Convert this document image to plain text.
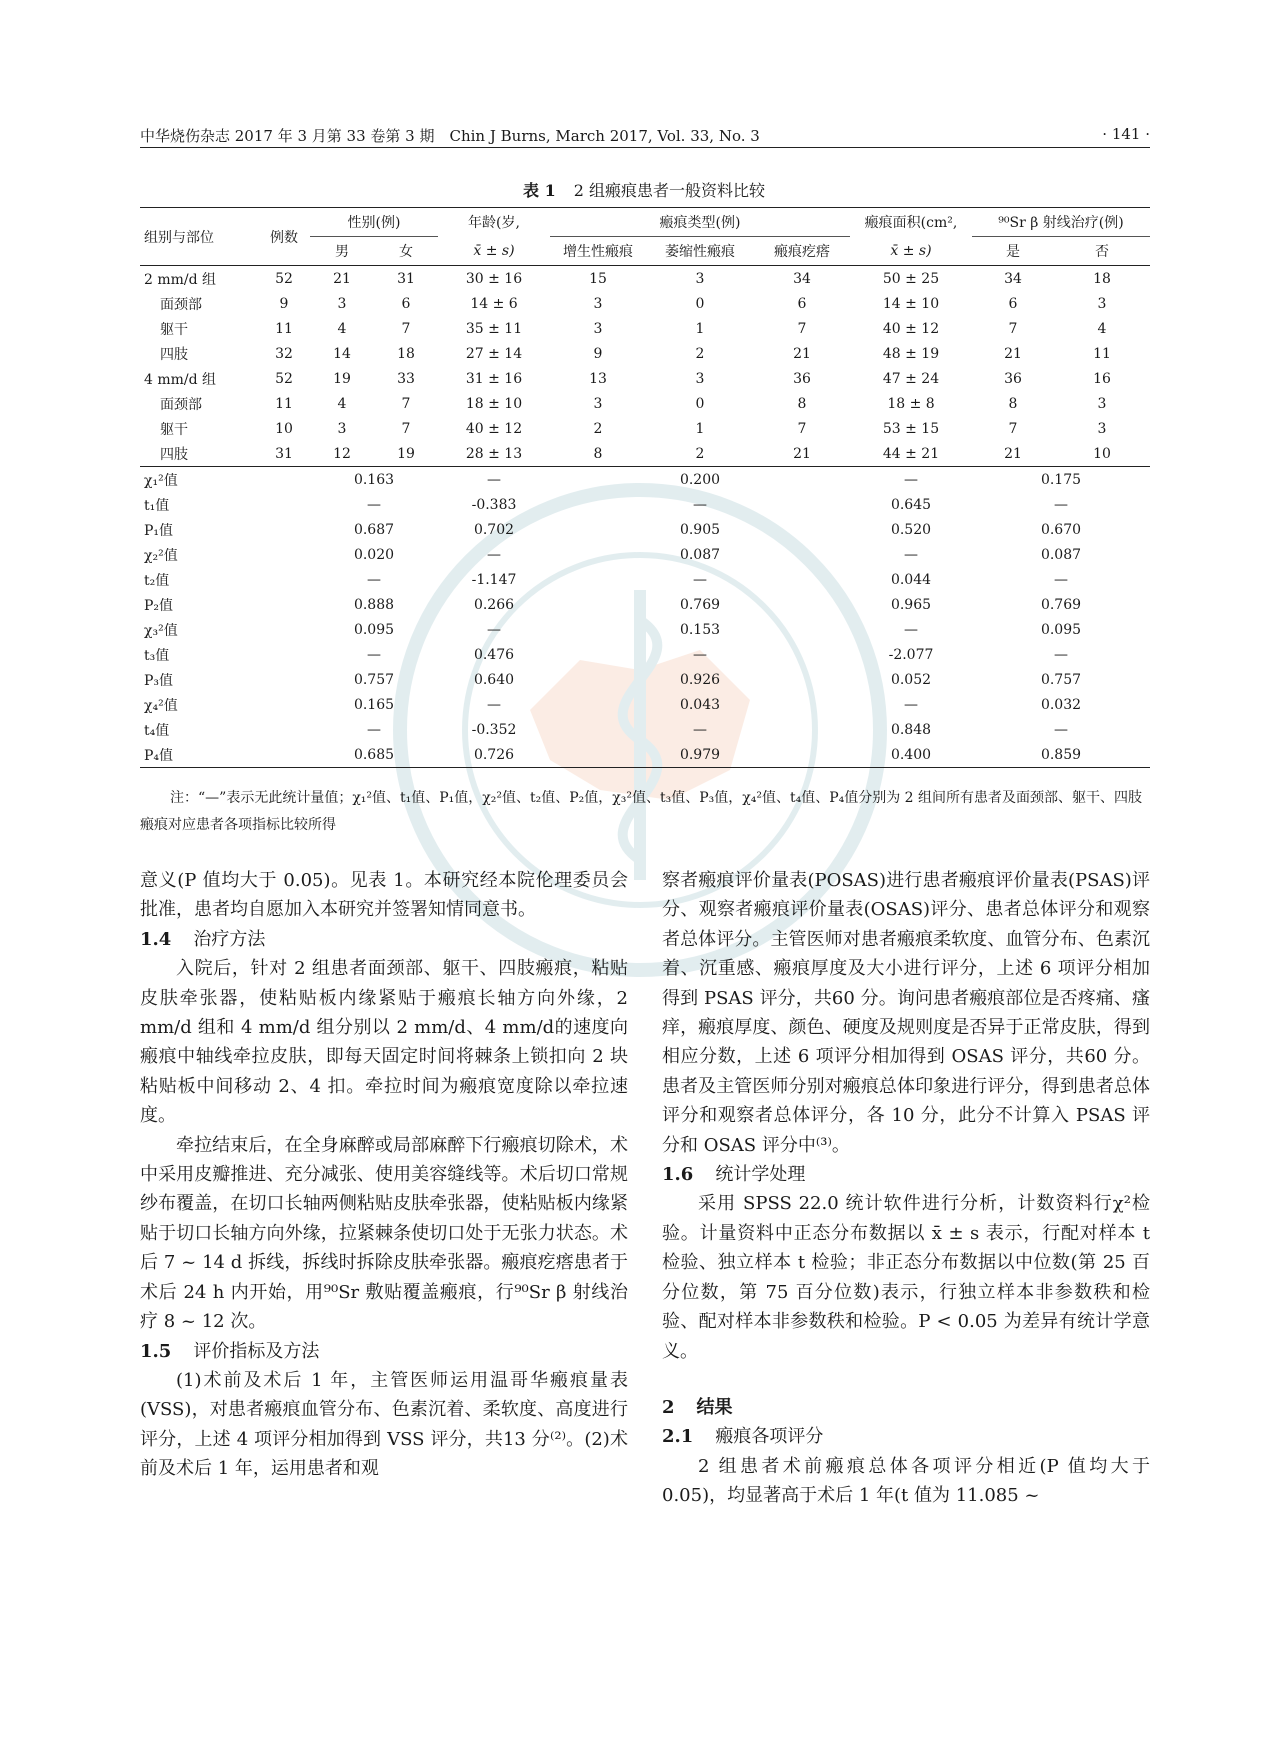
中华烧伤杂志 2017 年 3 月第 33 卷第 3 期　Chin J Burns, March 2017, Vol. 33, No. 3	· 141 ·
表 1 2 组瘢痕患者一般资料比较
组别与部位	例数	性别(例)		年龄(岁,	瘢痕类型(例)			瘢痕面积(cm²,	⁹⁰Sr β 射线治疗(例)	
		男	女	x̄ ± s)	增生性瘢痕	萎缩性瘢痕	瘢痕疙瘩	x̄ ± s)	是	否
2 mm/d 组	52	21	31	30 ± 16	15	3	34	50 ± 25	34	18
面颈部	9	3	6	14 ± 6	3	0	6	14 ± 10	6	3
躯干	11	4	7	35 ± 11	3	1	7	40 ± 12	7	4
四肢	32	14	18	27 ± 14	9	2	21	48 ± 19	21	11
4 mm/d 组	52	19	33	31 ± 16	13	3	36	47 ± 24	36	16
面颈部	11	4	7	18 ± 10	3	0	8	18 ± 8	8	3
躯干	10	3	7	40 ± 12	2	1	7	53 ± 15	7	3
四肢	31	12	19	28 ± 13	8	2	21	44 ± 21	21	10
χ₁²值		0.163		—	0.200			—	0.175	
t₁值		—		-0.383	—			0.645	—	
P₁值		0.687		0.702	0.905			0.520	0.670	
χ₂²值		0.020		—	0.087			—	0.087	
t₂值		—		-1.147	—			0.044	—	
P₂值		0.888		0.266	0.769			0.965	0.769	
χ₃²值		0.095		—	0.153			—	0.095	
t₃值		—		0.476	—			-2.077	—	
P₃值		0.757		0.640	0.926			0.052	0.757	
χ₄²值		0.165		—	0.043			—	0.032	
t₄值		—		-0.352	—			0.848	—	
P₄值		0.685		0.726	0.979			0.400	0.859	
注：“—”表示无此统计量值；χ₁²值、t₁值、P₁值，χ₂²值、t₂值、P₂值，χ₃²值、t₃值、P₃值，χ₄²值、t₄值、P₄值分别为 2 组间所有患者及面颈部、躯干、四肢瘢痕对应患者各项指标比较所得

意义(P 值均大于 0.05)。见表 1。本研究经本院伦理委员会批准，患者均自愿加入本研究并签署知情同意书。

1.4 治疗方法

入院后，针对 2 组患者面颈部、躯干、四肢瘢痕，粘贴皮肤牵张器，使粘贴板内缘紧贴于瘢痕长轴方向外缘，2 mm/d 组和 4 mm/d 组分别以 2 mm/d、4 mm/d的速度向瘢痕中轴线牵拉皮肤，即每天固定时间将棘条上锁扣向 2 块粘贴板中间移动 2、4 扣。牵拉时间为瘢痕宽度除以牵拉速度。

牵拉结束后，在全身麻醉或局部麻醉下行瘢痕切除术，术中采用皮瓣推进、充分减张、使用美容缝线等。术后切口常规纱布覆盖，在切口长轴两侧粘贴皮肤牵张器，使粘贴板内缘紧贴于切口长轴方向外缘，拉紧棘条使切口处于无张力状态。术后 7 ~ 14 d 拆线，拆线时拆除皮肤牵张器。瘢痕疙瘩患者于术后 24 h 内开始，用⁹⁰Sr 敷贴覆盖瘢痕，行⁹⁰Sr β 射线治疗 8 ~ 12 次。

1.5 评价指标及方法

(1)术前及术后 1 年，主管医师运用温哥华瘢痕量表(VSS)，对患者瘢痕血管分布、色素沉着、柔软度、高度进行评分，上述 4 项评分相加得到 VSS 评分，共13 分⁽²⁾。(2)术前及术后 1 年，运用患者和观

察者瘢痕评价量表(POSAS)进行患者瘢痕评价量表(PSAS)评分、观察者瘢痕评价量表(OSAS)评分、患者总体评分和观察者总体评分。主管医师对患者瘢痕柔软度、血管分布、色素沉着、沉重感、瘢痕厚度及大小进行评分，上述 6 项评分相加得到 PSAS 评分，共60 分。询问患者瘢痕部位是否疼痛、瘙痒，瘢痕厚度、颜色、硬度及规则度是否异于正常皮肤，得到相应分数，上述 6 项评分相加得到 OSAS 评分，共60 分。患者及主管医师分别对瘢痕总体印象进行评分，得到患者总体评分和观察者总体评分，各 10 分，此分不计算入 PSAS 评分和 OSAS 评分中⁽³⁾。

1.6 统计学处理

采用 SPSS 22.0 统计软件进行分析，计数资料行χ²检验。计量资料中正态分布数据以 x̄ ± s 表示，行配对样本 t 检验、独立样本 t 检验；非正态分布数据以中位数(第 25 百分位数，第 75 百分位数)表示，行独立样本非参数秩和检验、配对样本非参数秩和检验。P < 0.05 为差异有统计学意义。

2 结果

2.1 瘢痕各项评分

2 组患者术前瘢痕总体各项评分相近(P 值均大于 0.05)，均显著高于术后 1 年(t 值为 11.085 ~
